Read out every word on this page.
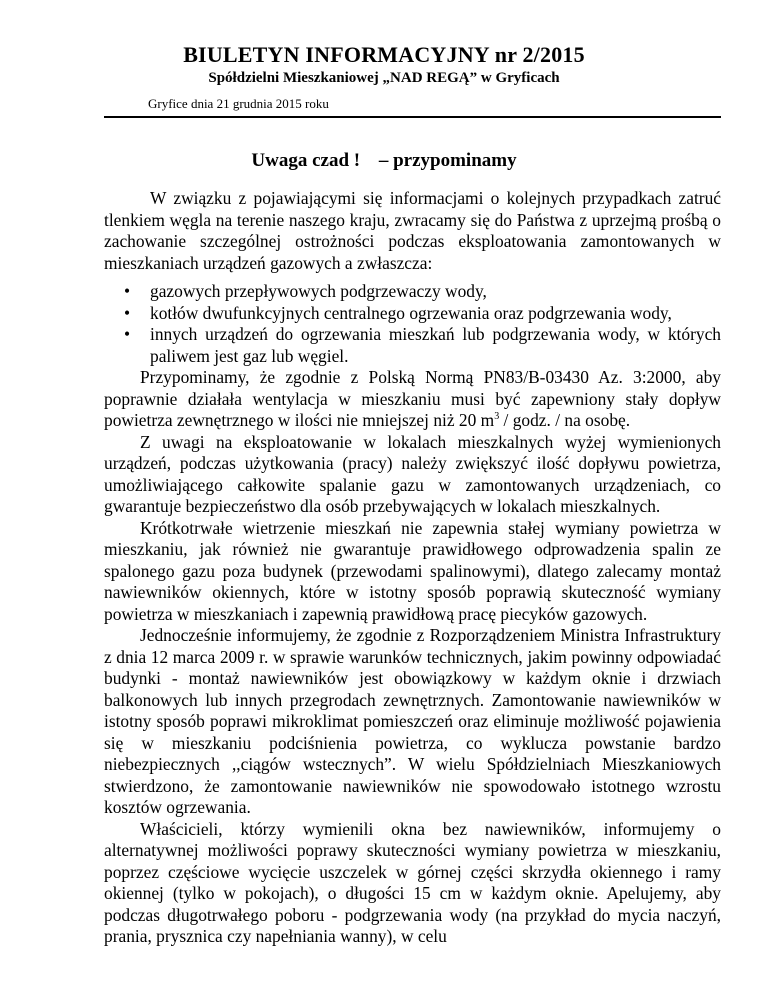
BIULETYN INFORMACYJNY nr 2/2015
Spółdzielni Mieszkaniowej „NAD REGĄ” w Gryficach
Gryfice dnia 21 grudnia 2015 roku
Uwaga czad ! – przypominamy

W związku z pojawiającymi się informacjami o kolejnych przypadkach zatruć tlenkiem węgla na terenie naszego kraju, zwracamy się do Państwa z uprzejmą prośbą o zachowanie szczególnej ostrożności podczas eksploatowania zamontowanych w mieszkaniach urządzeń gazowych a zwłaszcza:

• gazowych przepływowych podgrzewaczy wody,
• kotłów dwufunkcyjnych centralnego ogrzewania oraz podgrzewania wody,
• innych urządzeń do ogrzewania mieszkań lub podgrzewania wody, w których paliwem jest gaz lub węgiel.

Przypominamy, że zgodnie z Polską Normą PN83/B-03430 Az. 3:2000, aby poprawnie działała wentylacja w mieszkaniu musi być zapewniony stały dopływ powietrza zewnętrznego w ilości nie mniejszej niż 20 $m^3$ / godz. / na osobę.

Z uwagi na eksploatowanie w lokalach mieszkalnych wyżej wymienionych urządzeń, podczas użytkowania (pracy) należy zwiększyć ilość dopływu powietrza, umożliwiającego całkowite spalanie gazu w zamontowanych urządzeniach, co gwarantuje bezpieczeństwo dla osób przebywających w lokalach mieszkalnych.

Krótkotrwałe wietrzenie mieszkań nie zapewnia stałej wymiany powietrza w mieszkaniu, jak również nie gwarantuje prawidłowego odprowadzenia spalin ze spalonego gazu poza budynek (przewodami spalinowymi), dlatego zalecamy montaż nawiewników okiennych, które w istotny sposób poprawią skuteczność wymiany powietrza w mieszkaniach i zapewnią prawidłową pracę piecyków gazowych.

Jednocześnie informujemy, że zgodnie z Rozporządzeniem Ministra Infrastruktury z dnia 12 marca 2009 r. w sprawie warunków technicznych, jakim powinny odpowiadać budynki - montaż nawiewników jest obowiązkowy w każdym oknie i drzwiach balkonowych lub innych przegrodach zewnętrznych. Zamontowanie nawiewników w istotny sposób poprawi mikroklimat pomieszczeń oraz eliminuje możliwość pojawienia się w mieszkaniu podciśnienia powietrza, co wyklucza powstanie bardzo niebezpiecznych ,,ciągów wstecznych”. W wielu Spółdzielniach Mieszkaniowych stwierdzono, że zamontowanie nawiewników nie spowodowało istotnego wzrostu kosztów ogrzewania.

Właścicieli, którzy wymienili okna bez nawiewników, informujemy o alternatywnej możliwości poprawy skuteczności wymiany powietrza w mieszkaniu, poprzez częściowe wycięcie uszczelek w górnej części skrzydła okiennego i ramy okiennej (tylko w pokojach), o długości 15 cm w każdym oknie. Apelujemy, aby podczas długotrwałego poboru - podgrzewania wody (na przykład do mycia naczyń, prania, prysznica czy napełniania wanny), w celu
